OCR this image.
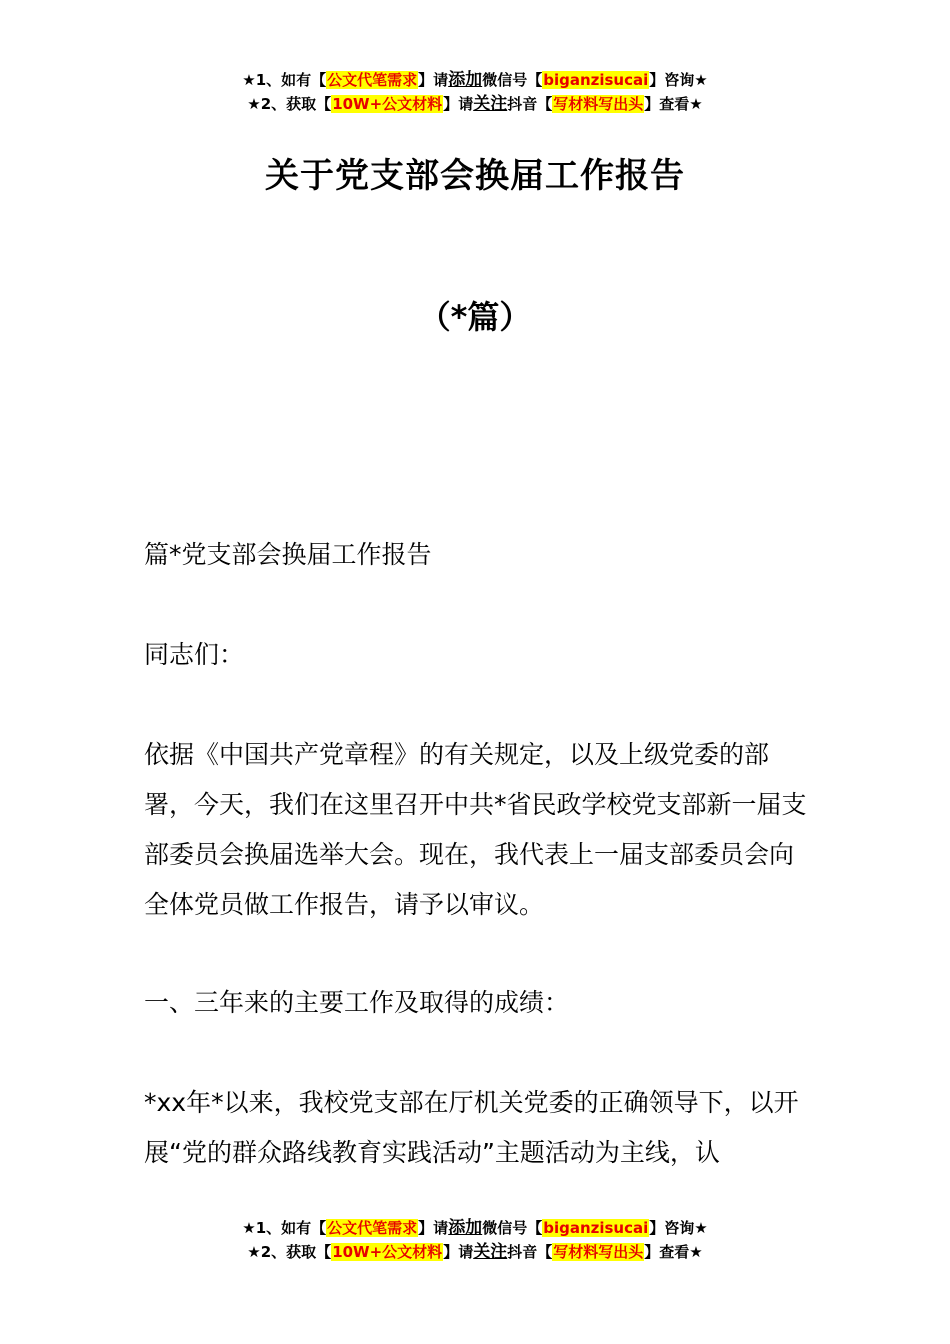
★1、如有【公文代笔需求】请添加微信号【biganzisucai】咨询★
★2、获取【10W+公文材料】请关注抖音【写材料写出头】查看★
关于党支部会换届工作报告
（*篇）

篇*党支部会换届工作报告

同志们：

依据《中国共产党章程》的有关规定，以及上级党委的部署，今天，我们在这里召开中共*省民政学校党支部新一届支部委员会换届选举大会。现在，我代表上一届支部委员会向全体党员做工作报告，请予以审议。

一、三年来的主要工作及取得的成绩：

*xx年*以来，我校党支部在厅机关党委的正确领导下，以开展“党的群众路线教育实践活动”主题活动为主线，认

★1、如有【公文代笔需求】请添加微信号【biganzisucai】咨询★
★2、获取【10W+公文材料】请关注抖音【写材料写出头】查看★
